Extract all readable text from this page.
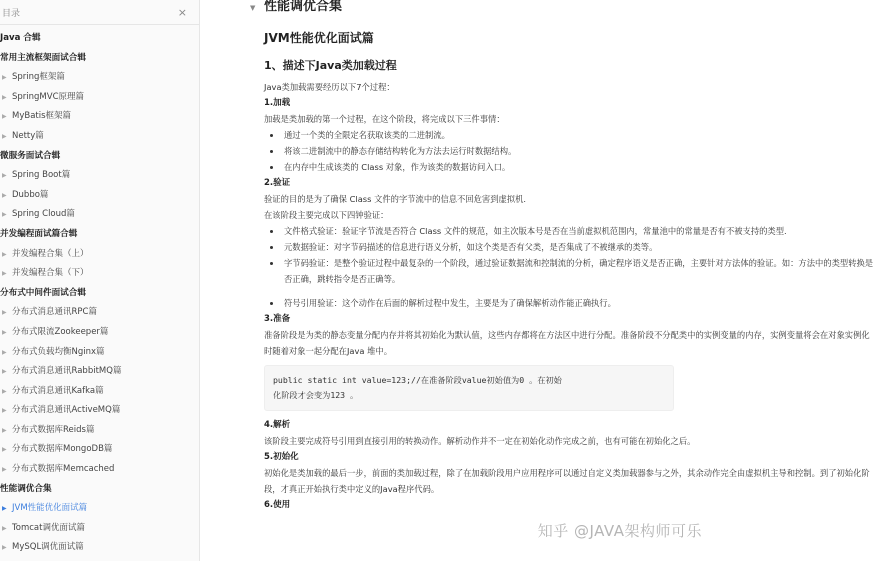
目录	×
Java 合辑
常用主流框架面试合辑
▶ Spring框架篇
▶ SpringMVC原理篇
▶ MyBatis框架篇
▶ Netty篇
微服务面试合辑
▶ Spring Boot篇
▶ Dubbo篇
▶ Spring Cloud篇
并发编程面试篇合辑
▶ 并发编程合集（上）
▶ 并发编程合集（下）
分布式中间件面试合辑
▶ 分布式消息通讯RPC篇
▶ 分布式限流Zookeeper篇
▶ 分布式负载均衡Nginx篇
▶ 分布式消息通讯RabbitMQ篇
▶ 分布式消息通讯Kafka篇
▶ 分布式消息通讯ActiveMQ篇
▶ 分布式数据库Reids篇
▶ 分布式数据库MongoDB篇
▶ 分布式数据库Memcached
性能调优合集
▶ JVM性能优化面试篇
▶ Tomcat调优面试篇
▶ MySQL调优面试篇
▼ 性能调优合集
JVM性能优化面试篇
1、描述下Java类加载过程

Java类加载需要经历以下7个过程：

1.加载

加载是类加载的第一个过程，在这个阶段，将完成以下三件事情：

• 通过一个类的全限定名获取该类的二进制流。
• 将该二进制流中的静态存储结构转化为方法去运行时数据结构。
• 在内存中生成该类的 Class 对象，作为该类的数据访问入口。
2.验证

验证的目的是为了确保 Class 文件的字节流中的信息不回危害到虚拟机.

在该阶段主要完成以下四钟验证：

• 文件格式验证：验证字节流是否符合 Class 文件的规范，如主次版本号是否在当前虚拟机范围内，常量池中的常量是否有不被支持的类型.
• 元数据验证：对字节码描述的信息进行语义分析，如这个类是否有父类，是否集成了不被继承的类等。
• 字节码验证：是整个验证过程中最复杂的一个阶段，通过验证数据流和控制流的分析，确定程序语义是否正确，主要针对方法体的验证。如：方法中的类型转换是否正确，跳转指令是否正确等。
• 符号引用验证：这个动作在后面的解析过程中发生，主要是为了确保解析动作能正确执行。
3.准备

准备阶段是为类的静态变量分配内存并将其初始化为默认值，这些内存都将在方法区中进行分配。准备阶段不分配类中的实例变量的内存，实例变量将会在对象实例化时随着对象一起分配在Java 堆中。

public static int value=123;//在准备阶段value初始值为0 。在初始
化阶段才会变为123 。
4.解析

该阶段主要完成符号引用到直接引用的转换动作。解析动作并不一定在初始化动作完成之前，也有可能在初始化之后。

5.初始化

初始化是类加载的最后一步，前面的类加载过程，除了在加载阶段用户应用程序可以通过自定义类加载器参与之外，其余动作完全由虚拟机主导和控制。到了初始化阶段，才真正开始执行类中定义的Java程序代码。

6.使用
知乎 @JAVA架构师可乐
